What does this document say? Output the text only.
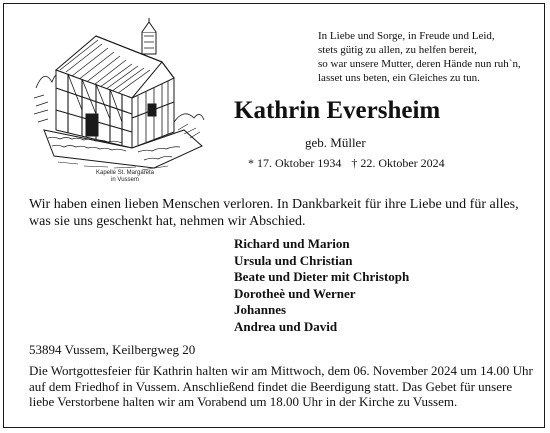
Kapelle St. Margareta
in Vussem
In Liebe und Sorge, in Freude und Leid,
stets gütig zu allen, zu helfen bereit,
so war unsere Mutter, deren Hände nun ruh`n,
lasset uns beten, ein Gleiches zu tun.
Kathrin Eversheim
geb. Müller
* 17. Oktober 1934 † 22. Oktober 2024
Wir haben einen lieben Menschen verloren. In Dankbarkeit für ihre Liebe und für alles, was sie uns geschenkt hat, nehmen wir Abschied.
Richard und Marion
Ursula und Christian
Beate und Dieter mit Christoph
Dorotheè und Werner
Johannes
Andrea und David
53894 Vussem, Keilbergweg 20
Die Wortgottesfeier für Kathrin halten wir am Mittwoch, dem 06. November 2024 um 14.00 Uhr auf dem Friedhof in Vussem. Anschließend findet die Beerdigung statt. Das Gebet für unsere liebe Verstorbene halten wir am Vorabend um 18.00 Uhr in der Kirche zu Vussem.
